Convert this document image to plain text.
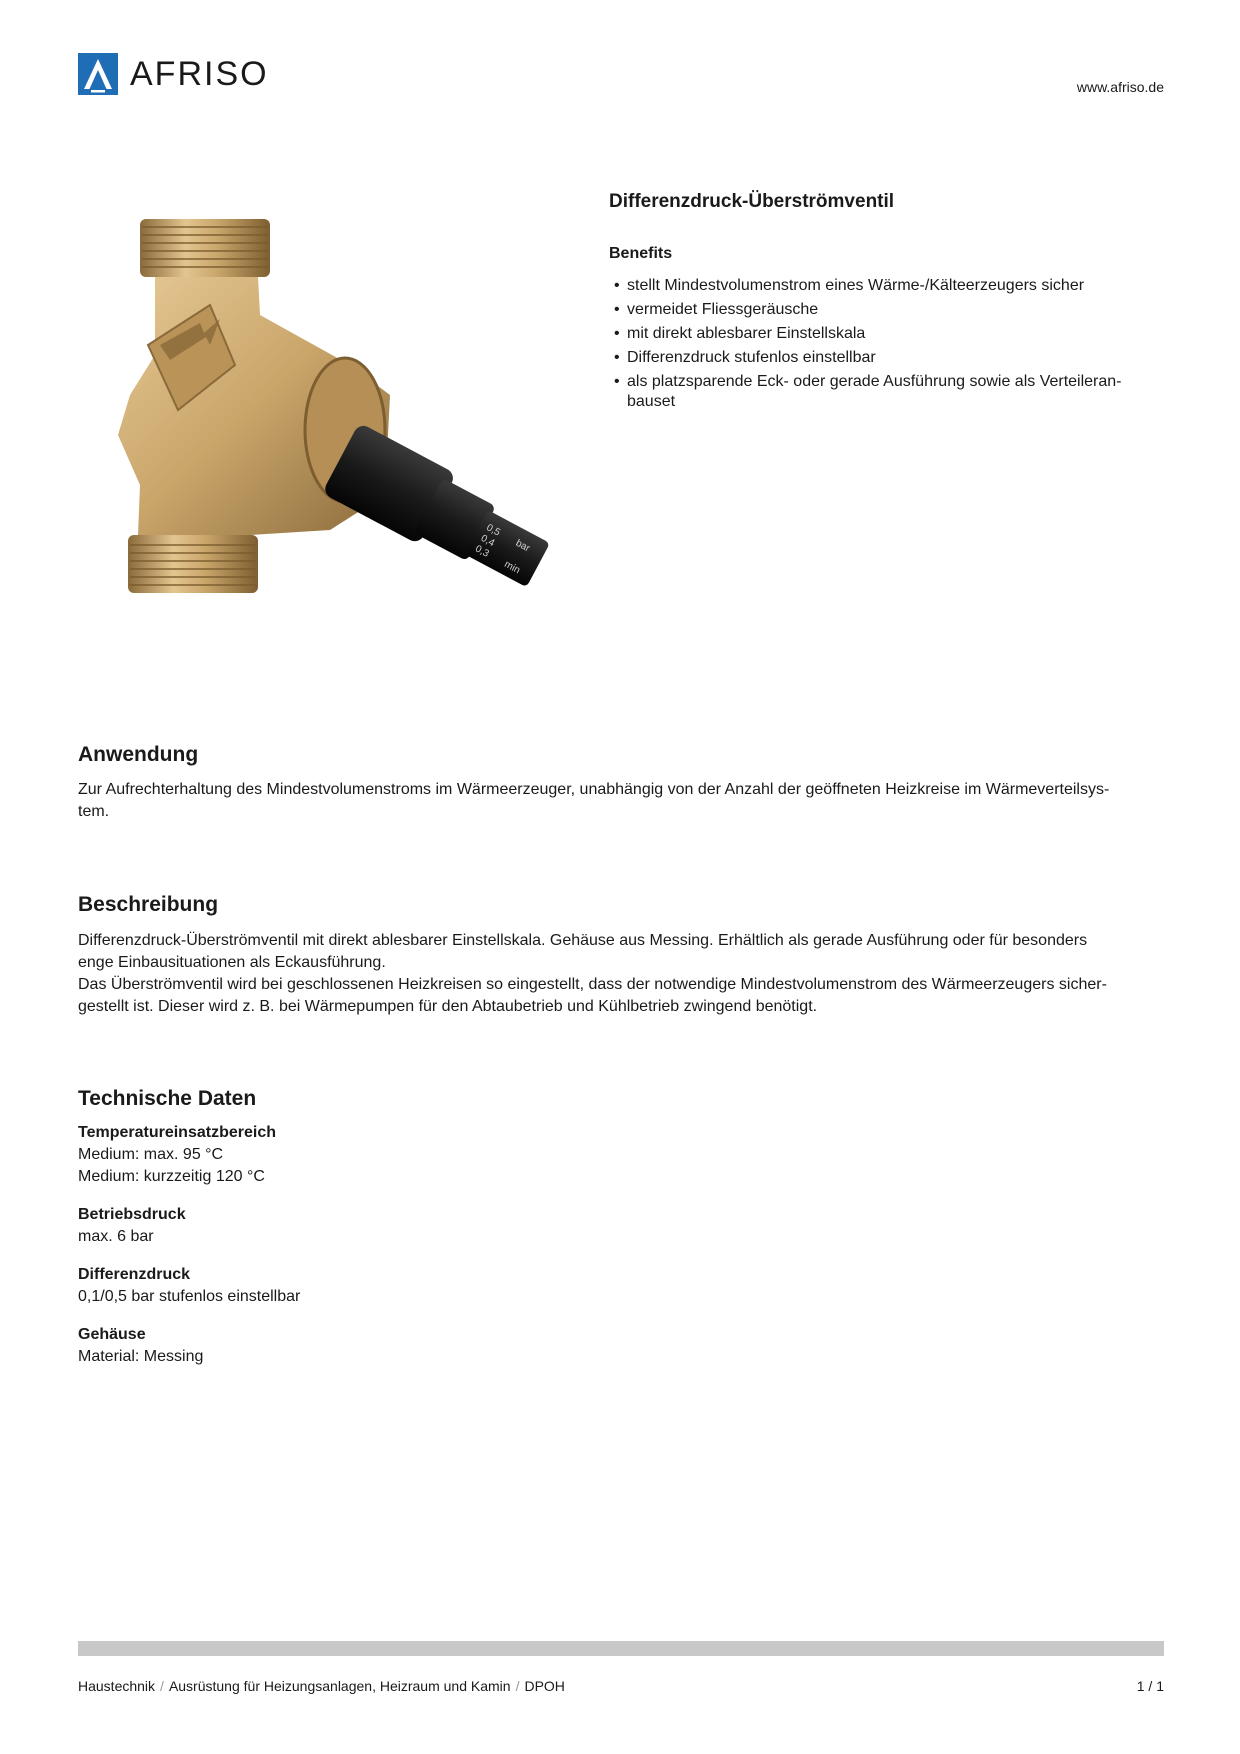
AFRISO	www.afriso.de
0,5
0,4
0,3 bar
min
Differenzdruck-Überströmventil
Benefits
• stellt Mindestvolumenstrom eines Wärme-/Kälteerzeugers sicher
• vermeidet Fliessgeräusche
• mit direkt ablesbarer Einstellskala
• Differenzdruck stufenlos einstellbar
• als platzsparende Eck- oder gerade Ausführung sowie als Verteileran-
bauset
Anwendung

Zur Aufrechterhaltung des Mindestvolumenstroms im Wärmeerzeuger, unabhängig von der Anzahl der geöffneten Heizkreise im Wärmeverteilsys-
tem.

Beschreibung

Differenzdruck-Überströmventil mit direkt ablesbarer Einstellskala. Gehäuse aus Messing. Erhältlich als gerade Ausführung oder für besonders
enge Einbausituationen als Eckausführung.

Das Überströmventil wird bei geschlossenen Heizkreisen so eingestellt, dass der notwendige Mindestvolumenstrom des Wärmeerzeugers sicher-
gestellt ist. Dieser wird z. B. bei Wärmepumpen für den Abtaubetrieb und Kühlbetrieb zwingend benötigt.

Technische Daten
Temperatureinsatzbereich
Medium: max. 95 °C
Medium: kurzzeitig 120 °C
Betriebsdruck
max. 6 bar
Differenzdruck
0,1/0,5 bar stufenlos einstellbar
Gehäuse
Material: Messing
Haustechnik / Ausrüstung für Heizungsanlagen, Heizraum und Kamin / DPOH	1 / 1
